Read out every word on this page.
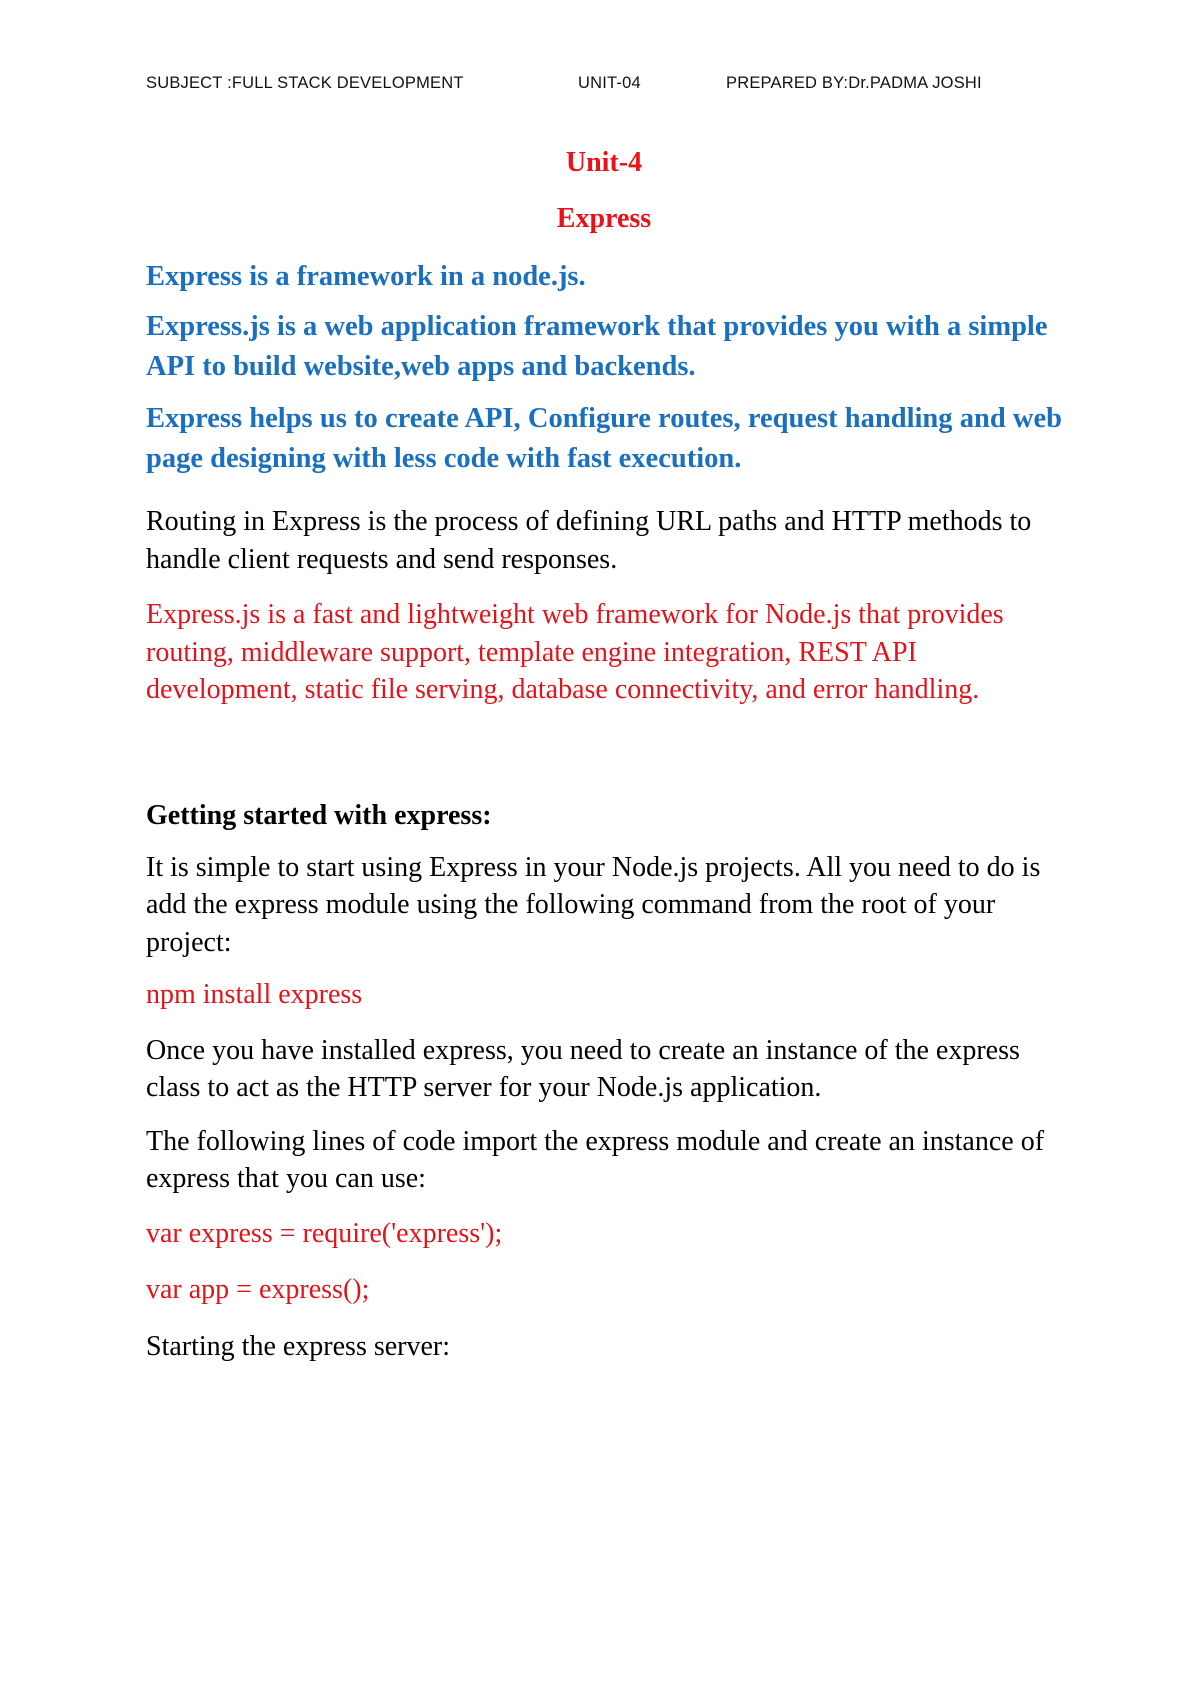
SUBJECT :FULL STACK DEVELOPMENT	UNIT-04	PREPARED BY:Dr.PADMA JOSHI

Unit-4

Express

Express is a framework in a node.js.

Express.js is a web application framework that provides you with a simple API to build website,web apps and backends.

Express helps us to create API, Configure routes, request handling and web page designing with less code with fast execution.

Routing in Express is the process of defining URL paths and HTTP methods to handle client requests and send responses.

Express.js is a fast and lightweight web framework for Node.js that provides routing, middleware support, template engine integration, REST API development, static file serving, database connectivity, and error handling.

Getting started with express:

It is simple to start using Express in your Node.js projects. All you need to do is add the express module using the following command from the root of your project:

npm install express

Once you have installed express, you need to create an instance of the express class to act as the HTTP server for your Node.js application.

The following lines of code import the express module and create an instance of express that you can use:

var express = require('express');

var app = express();

Starting the express server:
